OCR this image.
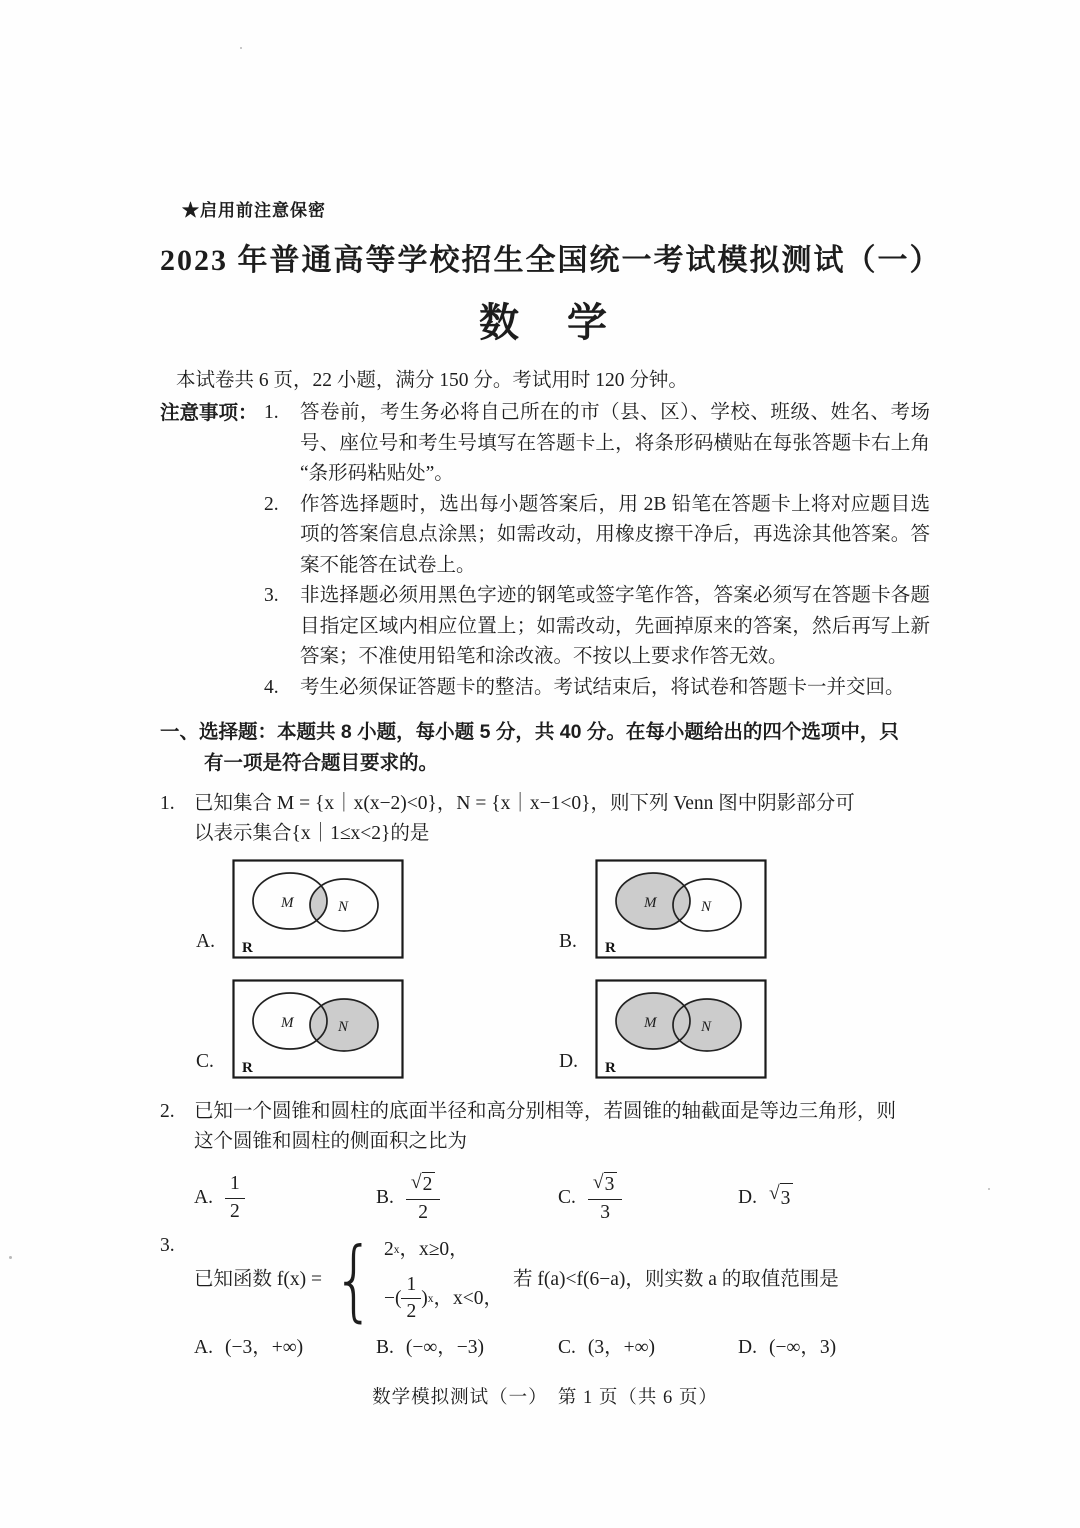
★启用前注意保密
2023 年普通高等学校招生全国统一考试模拟测试（一）
数　学

本试卷共 6 页，22 小题，满分 150 分。考试用时 120 分钟。

注意事项： 1.	答卷前，考生务必将自己所在的市（县、区）、学校、班级、姓名、考场号、座位号和考生号填写在答题卡上，将条形码横贴在每张答题卡右上角“条形码粘贴处”。
2.	作答选择题时，选出每小题答案后，用 2B 铅笔在答题卡上将对应题目选项的答案信息点涂黑；如需改动，用橡皮擦干净后，再选涂其他答案。答案不能答在试卷上。
3.	非选择题必须用黑色字迹的钢笔或签字笔作答，答案必须写在答题卡各题目指定区域内相应位置上；如需改动，先画掉原来的答案，然后再写上新答案；不准使用铅笔和涂改液。不按以上要求作答无效。
4.	考生必须保证答题卡的整洁。考试结束后，将试卷和答题卡一并交回。
一、选择题：本题共 8 小题，每小题 5 分，共 40 分。在每小题给出的四个选项中，只
有一项是符合题目要求的。
1. 已知集合 M = {x｜x(x−2)<0}，N = {x｜x−1<0}，则下列 Venn 图中阴影部分可
以表示集合{x｜1≤x<2}的是
A.
M	N
R	B.
M	N
R
C.
M	N
R	D.
M	N
R
2. 已知一个圆锥和圆柱的底面半径和高分别相等，若圆锥的轴截面是等边三角形，则
这个圆锥和圆柱的侧面积之比为
A. $\frac{1}{2}$	B. $\frac{√ 2}{2}$	C. $\frac{√ 3}{3}$	D. √ 3
3.
已知函数 f(x) = { 2 x ，x≥0，
−( $\frac{1}{2}$ ) x ，x<0，
若 f(a)<f(6−a)，则实数 a 的取值范围是
A. (−3，+∞)	B. (−∞，−3)	C. (3，+∞)	D. (−∞，3)
数学模拟测试（一）　第 1 页（共 6 页）
